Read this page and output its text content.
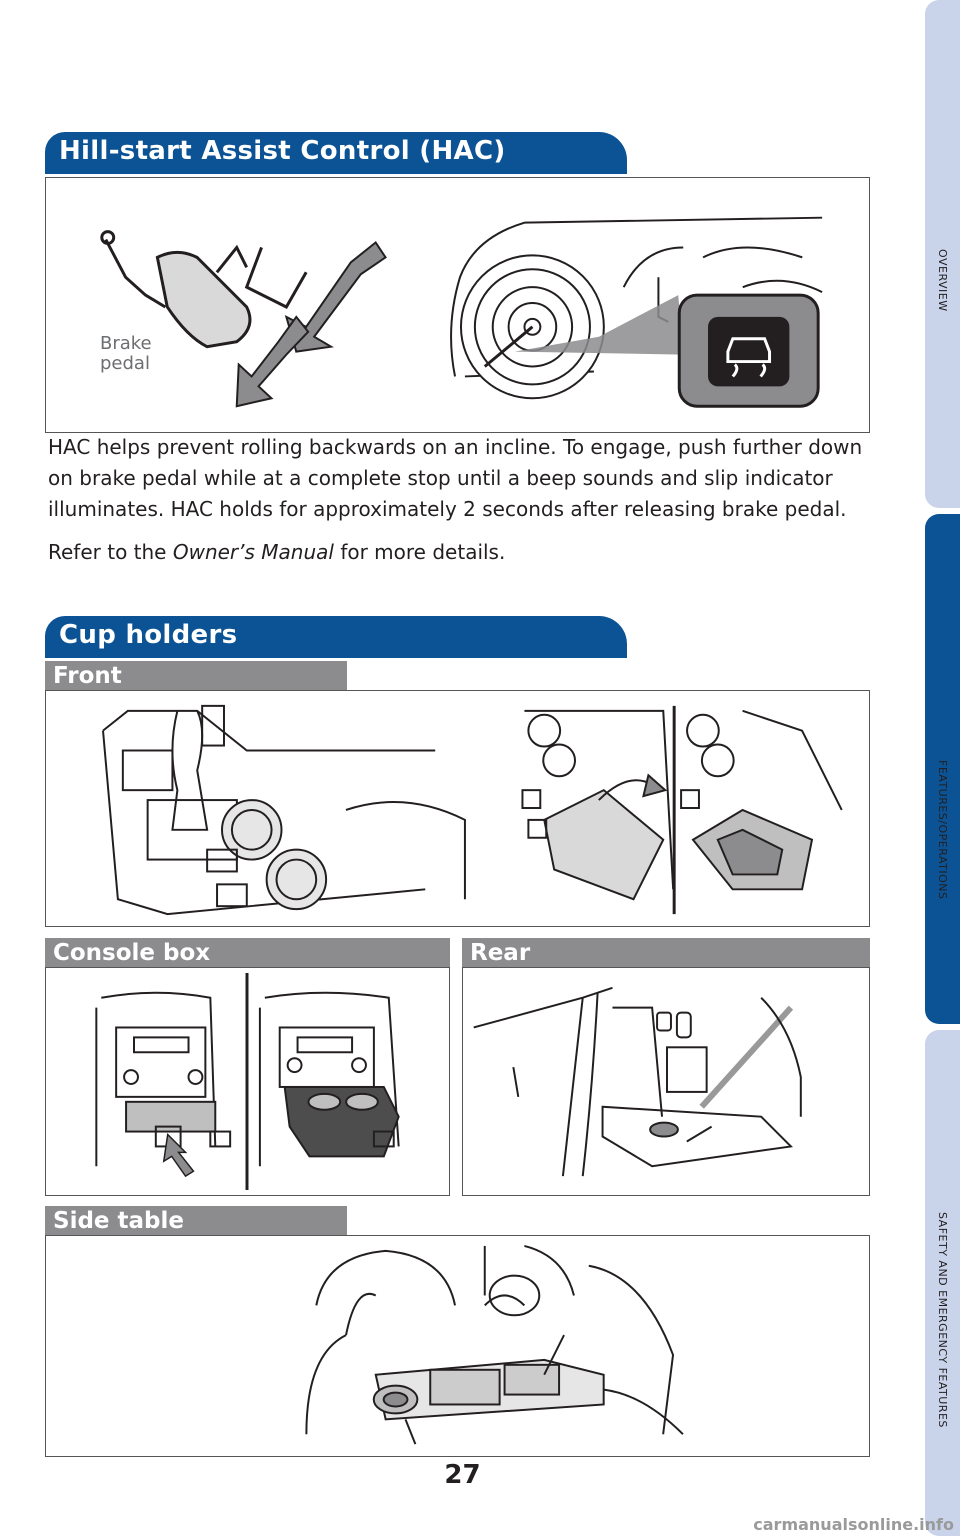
OVERVIEW
FEATURES/OPERATIONS
SAFETY AND EMERGENCY FEATURES
Hill-start Assist Control (HAC)
Brake
pedal

HAC helps prevent rolling backwards on an incline. To engage, push further down on brake pedal while at a complete stop until a beep sounds and slip indicator illuminates. HAC holds for approximately 2 seconds after releasing brake pedal.

Refer to the Owner’s Manual for more details.

Cup holders
Front
Console box	Rear
Side table
27
carmanualsonline.info
